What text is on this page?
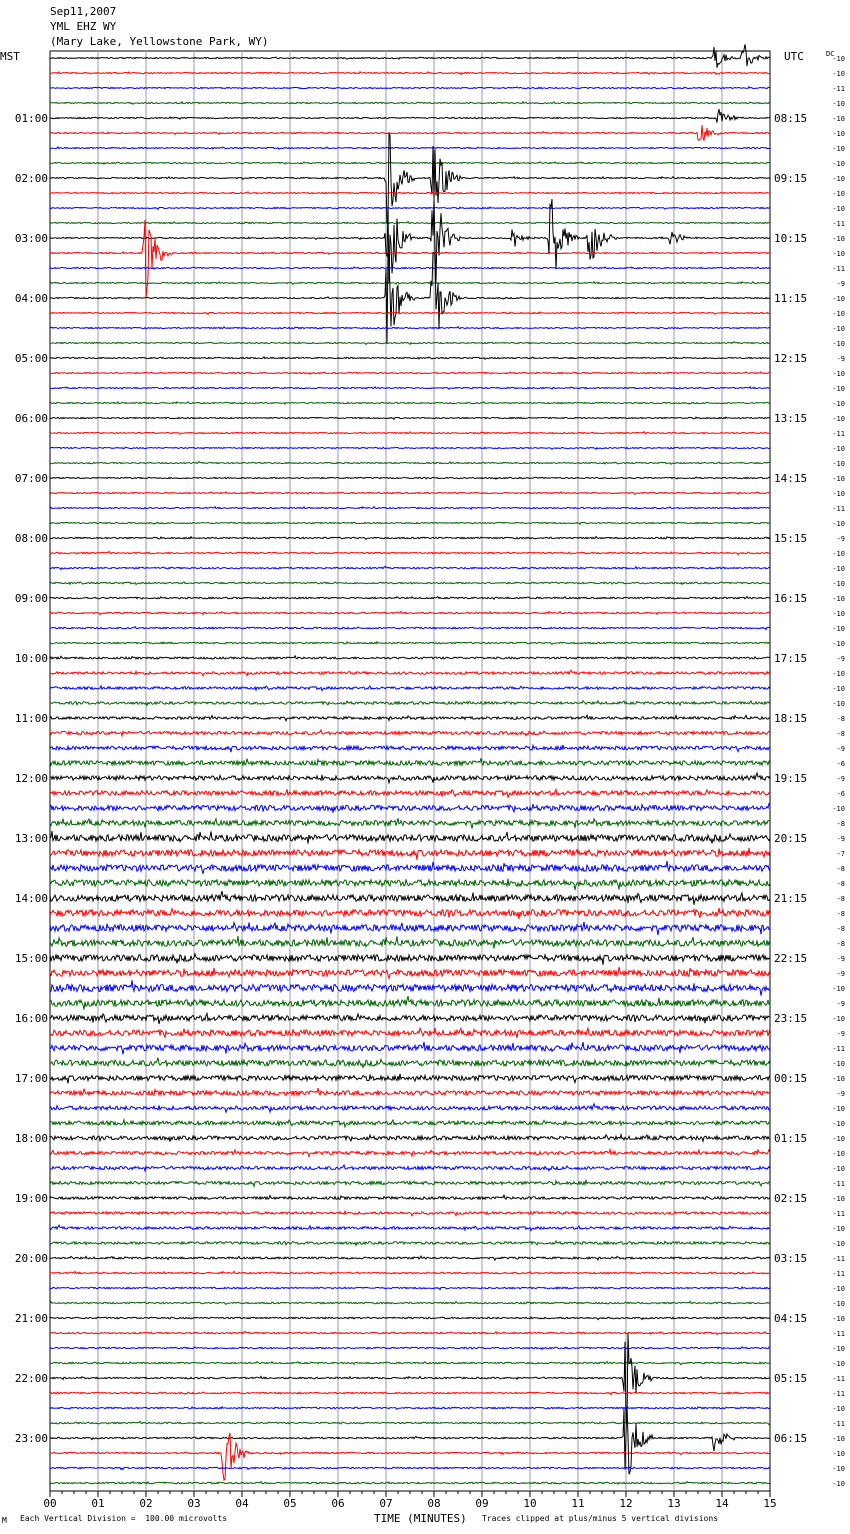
Sep11,2007
YML EHZ WY
(Mary Lake, Yellowstone Park, WY)
MST	UTC	DC
01:00
02:00
03:00
04:00
05:00
06:00
07:00
08:00
09:00
10:00
11:00
12:00
13:00
14:00
15:00
16:00
17:00
18:00
19:00
20:00
21:00
22:00
23:00
08:15
09:15
10:15
11:15
12:15
13:15
14:15
15:15
16:15
17:15
18:15
19:15
20:15
21:15
22:15
23:15
00:15
01:15
02:15
03:15
04:15
05:15
06:15
-10
-10
-11
-10
-10
-10
-10
-10
-10
-10
-10
-11
-10
-10
-11
-9
-10
-10
-10
-10
-9
-10
-10
-10
-10
-11
-10
-10
-10
-10
-11
-10
-9
-10
-10
-10
-10
-10
-10
-10
-9
-10
-10
-10
-8
-8
-9
-6
-9
-6
-10
-8
-9
-7
-8
-8
-8
-8
-8
-8
-9
-9
-10
-9
-10
-9
-11
-10
-10
-9
-10
-10
-10
-10
-10
-11
-10
-11
-10
-10
-11
-11
-10
-10
-10
-11
-10
-10
-11
-11
-10
-11
-10
-10
-10
-10
00	01	02	03	04	05	06	07	08	09	10	11	12	13	14	15
M Each Vertical Division =  100.00 microvolts	TIME (MINUTES) Traces clipped at plus/minus 5 vertical divisions
